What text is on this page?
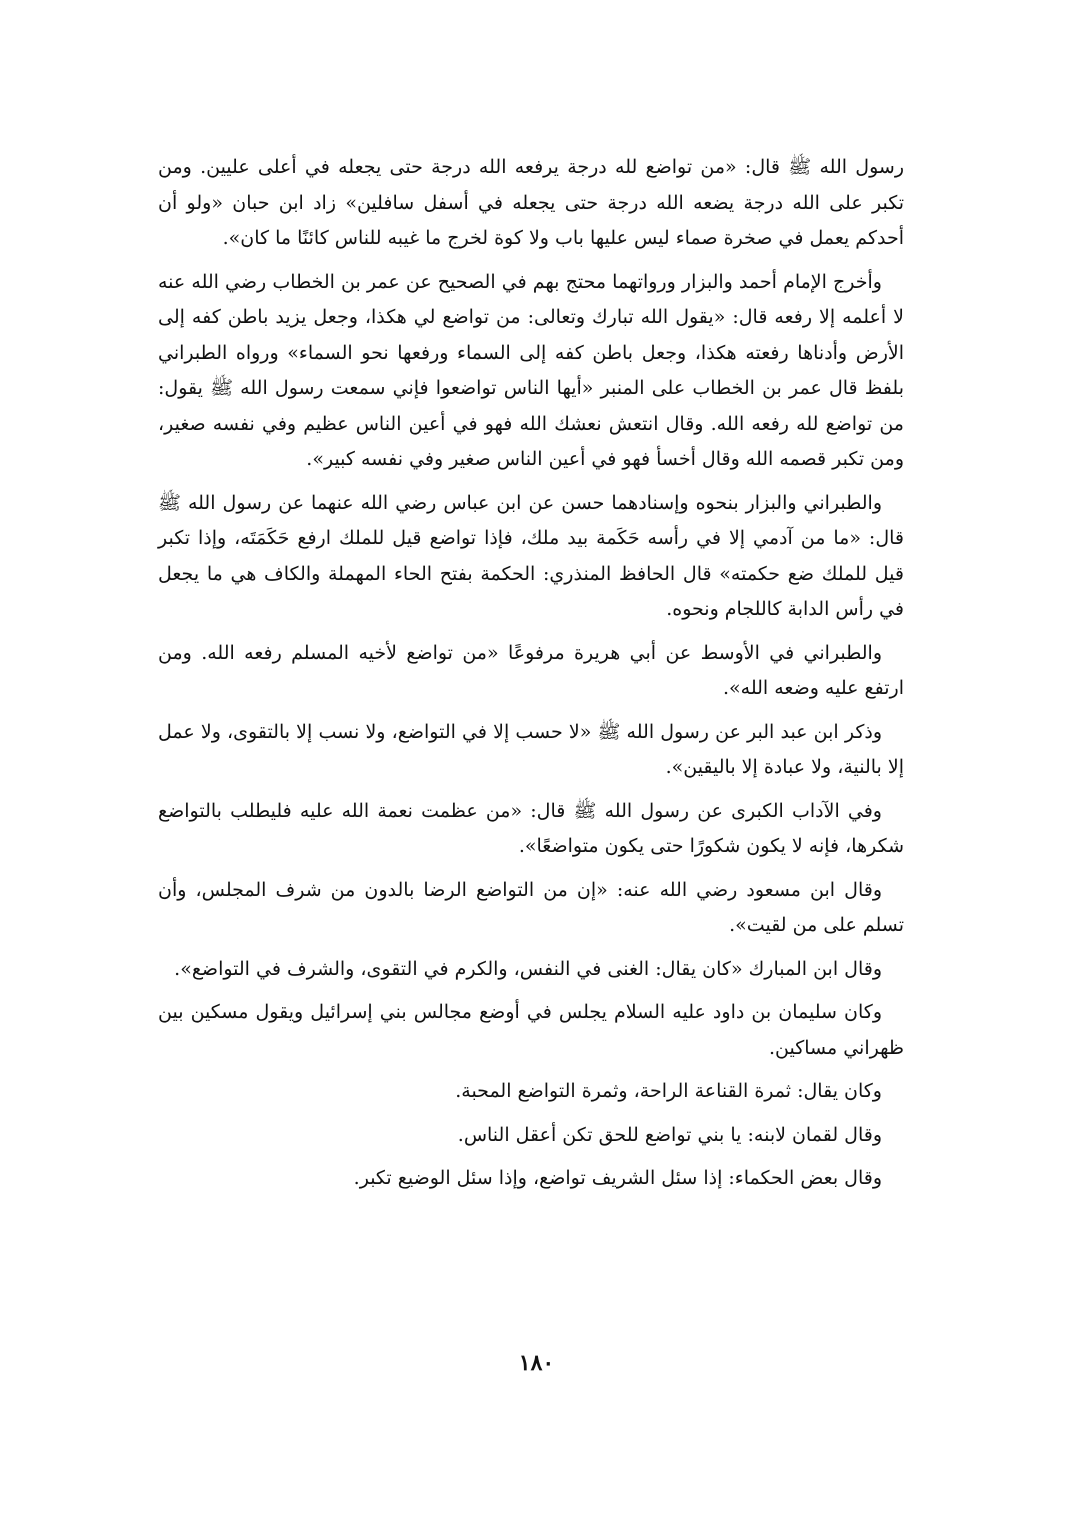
رسول الله ﷺ قال: «من تواضع لله درجة يرفعه الله درجة حتى يجعله في أعلى عليين. ومن تكبر على الله درجة يضعه الله درجة حتى يجعله في أسفل سافلين» زاد ابن حبان «ولو أن أحدكم يعمل في صخرة صماء ليس عليها باب ولا كوة لخرج ما غيبه للناس كائنًا ما كان».

وأخرج الإمام أحمد والبزار ورواتهما محتج بهم في الصحيح عن عمر بن الخطاب رضي الله عنه لا أعلمه إلا رفعه قال: «يقول الله تبارك وتعالى: من تواضع لي هكذا، وجعل يزيد باطن كفه إلى الأرض وأدناها رفعته هكذا، وجعل باطن كفه إلى السماء ورفعها نحو السماء» ورواه الطبراني بلفظ قال عمر بن الخطاب على المنبر «أيها الناس تواضعوا فإني سمعت رسول الله ﷺ يقول: من تواضع لله رفعه الله. وقال انتعش نعشك الله فهو في أعين الناس عظيم وفي نفسه صغير، ومن تكبر قصمه الله وقال أخسأ فهو في أعين الناس صغير وفي نفسه كبير».

والطبراني والبزار بنحوه وإسنادهما حسن عن ابن عباس رضي الله عنهما عن رسول الله ﷺ قال: «ما من آدمي إلا في رأسه حَكَمة بيد ملك، فإذا تواضع قيل للملك ارفع حَكَمَتَه، وإذا تكبر قيل للملك ضع حكمته» قال الحافظ المنذري: الحكمة بفتح الحاء المهملة والكاف هي ما يجعل في رأس الدابة كاللجام ونحوه.

والطبراني في الأوسط عن أبي هريرة مرفوعًا «من تواضع لأخيه المسلم رفعه الله. ومن ارتفع عليه وضعه الله».

وذكر ابن عبد البر عن رسول الله ﷺ «لا حسب إلا في التواضع، ولا نسب إلا بالتقوى، ولا عمل إلا بالنية، ولا عبادة إلا باليقين».

وفي الآداب الكبرى عن رسول الله ﷺ قال: «من عظمت نعمة الله عليه فليطلب بالتواضع شكرها، فإنه لا يكون شكورًا حتى يكون متواضعًا».

وقال ابن مسعود رضي الله عنه: «إن من التواضع الرضا بالدون من شرف المجلس، وأن تسلم على من لقيت».

وقال ابن المبارك «كان يقال: الغنى في النفس، والكرم في التقوى، والشرف في التواضع».

وكان سليمان بن داود عليه السلام يجلس في أوضع مجالس بني إسرائيل ويقول مسكين بين ظهراني مساكين.

وكان يقال: ثمرة القناعة الراحة، وثمرة التواضع المحبة.

وقال لقمان لابنه: يا بني تواضع للحق تكن أعقل الناس.

وقال بعض الحكماء: إذا سئل الشريف تواضع، وإذا سئل الوضيع تكبر.

١٨٠
